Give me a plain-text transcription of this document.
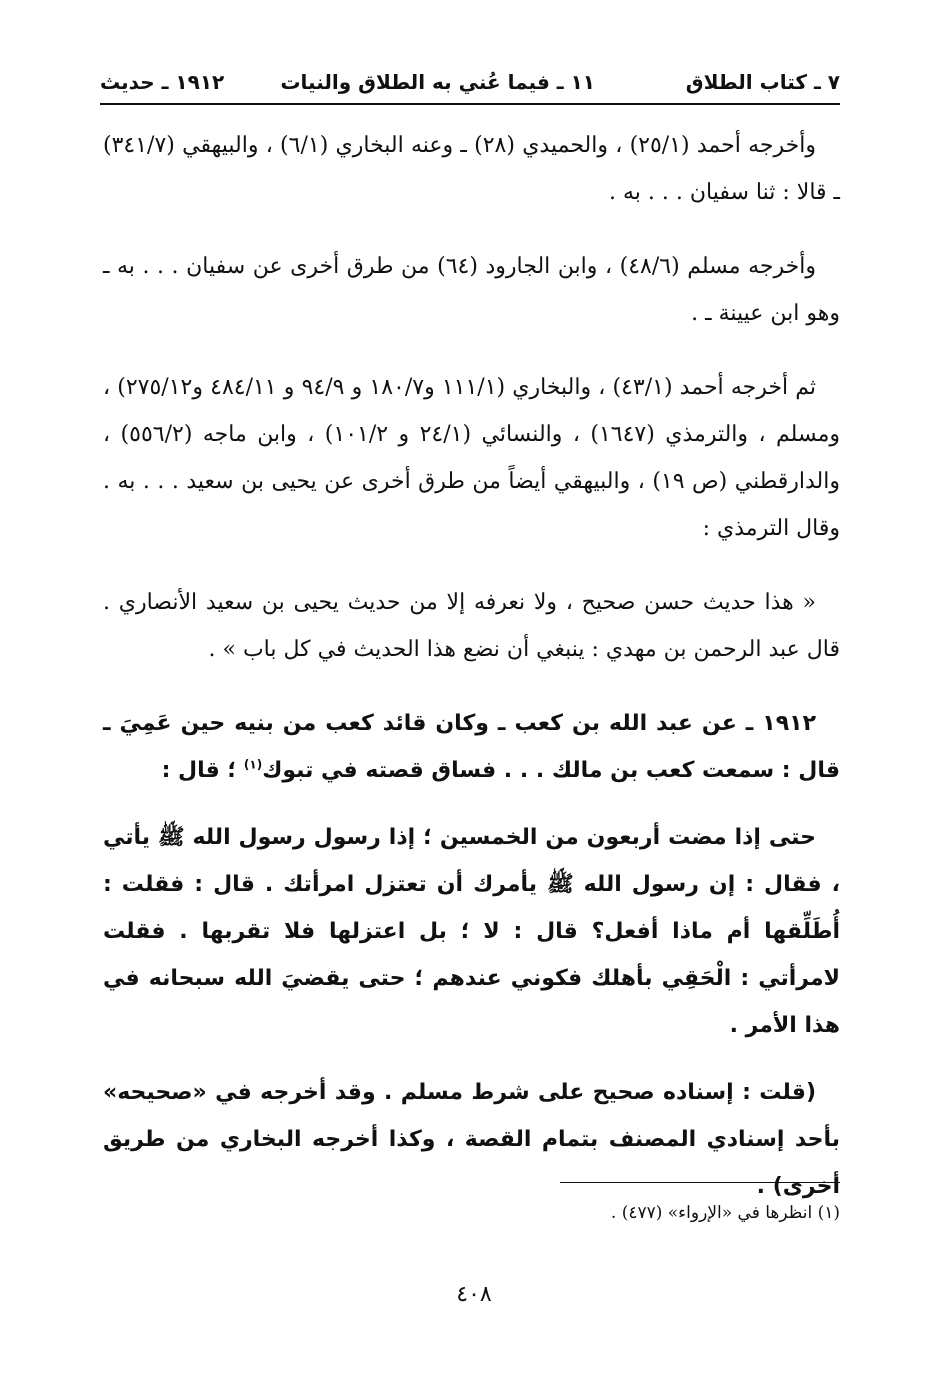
٧ ـ كتاب الطلاق
١١ ـ فيما عُني به الطلاق والنيات
١٩١٢ ـ حديث

وأخرجه أحمد (٢٥/١) ، والحميدي (٢٨) ـ وعنه البخاري (٦/١) ، والبيهقي (٣٤١/٧) ـ قالا : ثنا سفيان . . . به .

وأخرجه مسلم (٤٨/٦) ، وابن الجارود (٦٤) من طرق أخرى عن سفيان . . . به ـ وهو ابن عيينة ـ .

ثم أخرجه أحمد (٤٣/١) ، والبخاري (١١١/١ و١٨٠/٧ و ٩٤/٩ و ٤٨٤/١١ و٢٧٥/١٢) ، ومسلم ، والترمذي (١٦٤٧) ، والنسائي (٢٤/١ و ١٠١/٢) ، وابن ماجه (٥٥٦/٢) ، والدارقطني (ص ١٩) ، والبيهقي أيضاً من طرق أخرى عن يحيى بن سعيد . . . به . وقال الترمذي :

« هذا حديث حسن صحيح ، ولا نعرفه إلا من حديث يحيى بن سعيد الأنصاري . قال عبد الرحمن بن مهدي : ينبغي أن نضع هذا الحديث في كل باب » .

١٩١٢ ـ عن عبد الله بن كعب ـ وكان قائد كعب من بنيه حين عَمِيَ ـ قال : سمعت كعب بن مالك . . . فساق قصته في تبوك$^{(١)}$ ؛ قال :

حتى إذا مضت أربعون من الخمسين ؛ إذا رسول رسول الله ﷺ يأتي ، فقال : إن رسول الله ﷺ يأمرك أن تعتزل امرأتك . قال : فقلت : أُطَلِّقها أم ماذا أفعل؟ قال : لا ؛ بل اعتزلها فلا تقربها . فقلت لامرأتي : الْحَقِي بأهلك فكوني عندهم ؛ حتى يقضيَ الله سبحانه في هذا الأمر .

(قلت : إسناده صحيح على شرط مسلم . وقد أخرجه في «صحيحه» بأحد إسنادي المصنف بتمام القصة ، وكذا أخرجه البخاري من طريق أخرى) .

(١) انظرها في «الإرواء» (٤٧٧) .
٤٠٨
